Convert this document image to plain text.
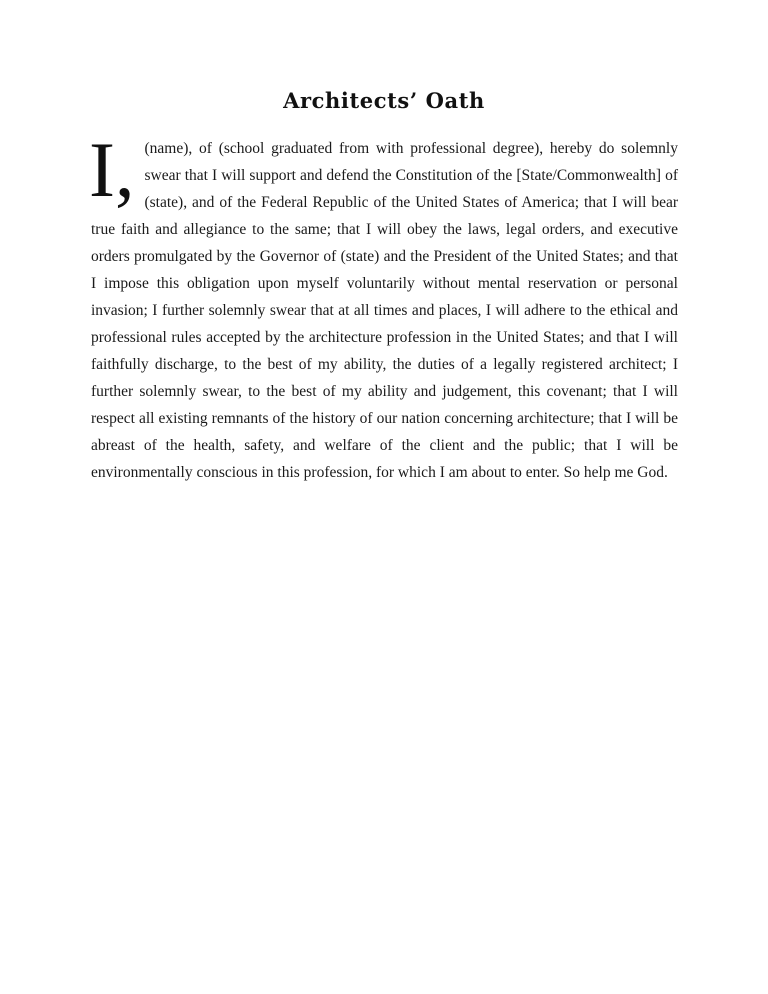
Architects’ Oath

I, (name), of (school graduated from with professional degree), hereby do solemnly swear that I will support and defend the Constitution of the [State/Commonwealth] of (state), and of the Federal Republic of the United States of America; that I will bear true faith and allegiance to the same; that I will obey the laws, legal orders, and executive orders promulgated by the Governor of (state) and the President of the United States; and that I impose this obligation upon myself voluntarily without mental reservation or personal invasion; I further solemnly swear that at all times and places, I will adhere to the ethical and professional rules accepted by the architecture profession in the United States; and that I will faithfully discharge, to the best of my ability, the duties of a legally registered architect; I further solemnly swear, to the best of my ability and judgement, this covenant; that I will respect all existing remnants of the history of our nation concerning architecture; that I will be abreast of the health, safety, and welfare of the client and the public; that I will be environmentally conscious in this profession, for which I am about to enter. So help me God.
